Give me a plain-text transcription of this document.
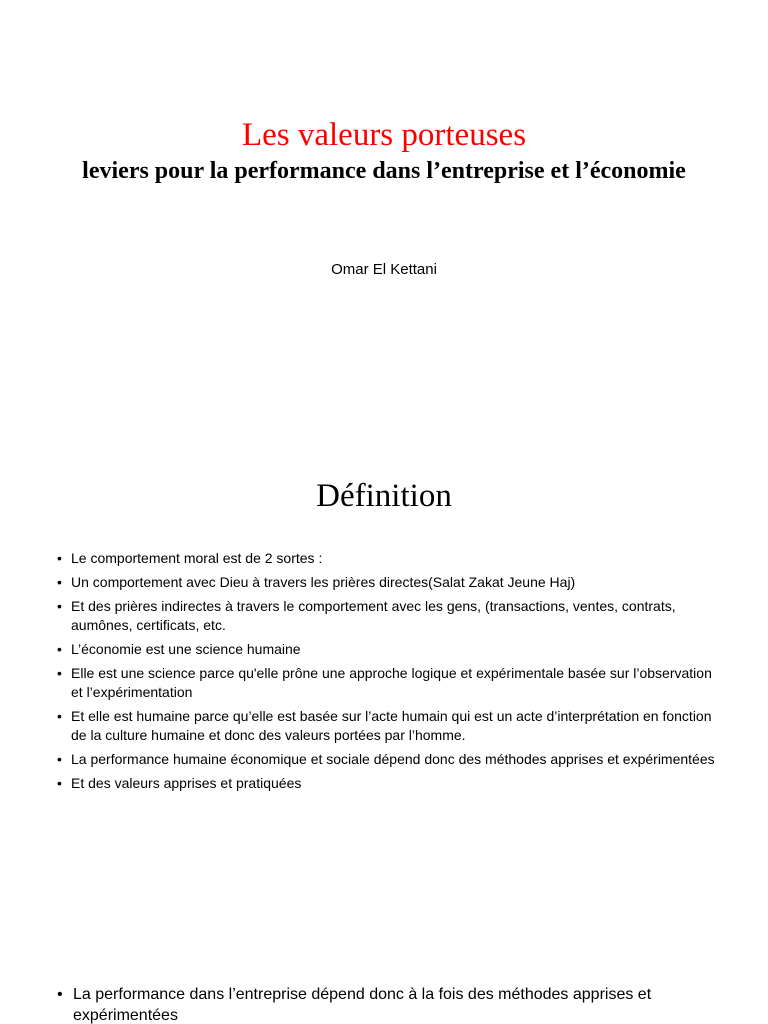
Les valeurs porteuses
leviers pour la performance dans l’entreprise et l’économie
Omar El Kettani
Définition
• Le comportement moral est de 2 sortes :
• Un comportement avec Dieu à travers les prières directes(Salat Zakat Jeune Haj)
• Et des prières indirectes à travers le comportement avec les gens, (transactions, ventes, contrats, aumônes, certificats, etc.
• L’économie est une science humaine
• Elle est une science parce qu'elle prône une approche logique et expérimentale basée sur l’observation et l’expérimentation
• Et elle est humaine parce qu’elle est basée sur l’acte humain qui est un acte d’interprétation en fonction de la culture humaine et donc des valeurs portées par l’homme.
• La performance humaine économique et sociale dépend donc des méthodes apprises et expérimentées
• Et des valeurs apprises et pratiquées
• La performance dans l’entreprise dépend donc à la fois des méthodes apprises et expérimentées
